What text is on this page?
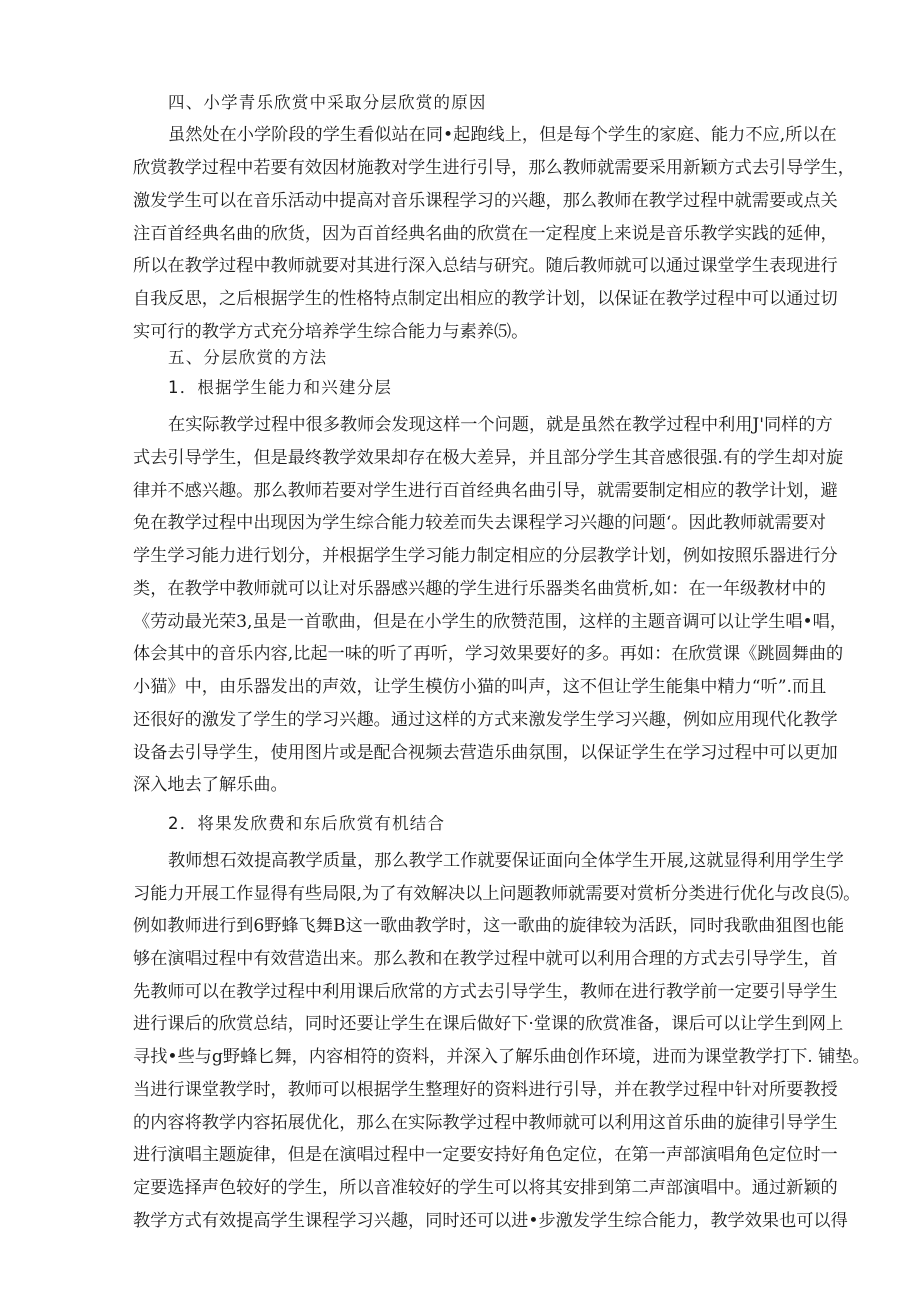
四、小学青乐欣赏中采取分层欣赏的原因
虽然处在小学阶段的学生看似站在同•起跑线上，但是每个学生的家庭、能力不应,所以在
欣赏教学过程中若要有效因材施教对学生进行引导，那么教师就需要采用新颖方式去引导学生，
激发学生可以在音乐活动中提高对音乐课程学习的兴趣，那么教师在教学过程中就需要或点关
注百首经典名曲的欣货，因为百首经典名曲的欣赏在一定程度上来说是音乐教学实践的延伸，
所以在教学过程中教师就要对其进行深入总结与研究。随后教师就可以通过课堂学生表现进行
自我反思，之后根据学生的性格特点制定出相应的教学计划，以保证在教学过程中可以通过切
实可行的教学方式充分培养学生综合能力与素养⑸。
五、分层欣赏的方法
1．根据学生能力和兴建分层
在实际教学过程中很多教师会发现这样一个问题，就是虽然在教学过程中利用J'同样的方
式去引导学生，但是最终教学效果却存在极大差异，并且部分学生其音感很强.有的学生却对旋
律并不感兴趣。那么教师若要对学生进行百首经典名曲引导，就需要制定相应的教学计划，避
免在教学过程中出现因为学生综合能力较差而失去课程学习兴趣的问题‘。因此教师就需要对
学生学习能力进行划分，并根据学生学习能力制定相应的分层教学计划，例如按照乐器进行分
类，在教学中教师就可以让对乐器感兴趣的学生进行乐器类名曲赏析,如：在一年级教材中的
《劳动最光荣3,虽是一首歌曲，但是在小学生的欣赞范围，这样的主题音调可以让学生唱•唱，
体会其中的音乐内容,比起一味的听了再听，学习效果要好的多。再如：在欣赏课《跳圆舞曲的
小猫》中，由乐器发出的声效，让学生模仿小猫的叫声，这不但让学生能集中精力“听”.而且
还很好的激发了学生的学习兴趣。通过这样的方式来激发学生学习兴趣，例如应用现代化教学
设备去引导学生，使用图片或是配合视频去营造乐曲氛围，以保证学生在学习过程中可以更加
深入地去了解乐曲。
2．将果发欣费和东后欣赏有机结合
教师想石效提高教学质量，那么教学工作就要保证面向全体学生开展,这就显得利用学生学
习能力开展工作显得有些局限,为了有效解决以上问题教师就需要对赏析分类进行优化与改良⑸。
例如教师进行到6野蜂飞舞B这一歌曲教学时，这一歌曲的旋律较为活跃，同时我歌曲狙图也能
够在演唱过程中有效营造出来。那么教和在教学过程中就可以利用合理的方式去引导学生，首
先教师可以在教学过程中利用课后欣常的方式去引导学生，教师在进行教学前一定要引导学生
进行课后的欣赏总结，同时还要让学生在课后做好下·堂课的欣赏准备，课后可以让学生到网上
寻找•些与g野蜂匕舞，内容相符的资料，并深入了解乐曲创作环境，进而为课堂教学打下. 铺垫。
当进行课堂教学时，教师可以根据学生整理好的资料进行引导，并在教学过程中针对所要教授
的内容将教学内容拓展优化，那么在实际教学过程中教师就可以利用这首乐曲的旋律引导学生
进行演唱主题旋律，但是在演唱过程中一定要安持好角色定位，在第一声部演唱角色定位时一
定要选择声色较好的学生，所以音准较好的学生可以将其安排到第二声部演唱中。通过新颖的
教学方式有效提高学生课程学习兴趣，同时还可以进•步激发学生综合能力，教学效果也可以得
